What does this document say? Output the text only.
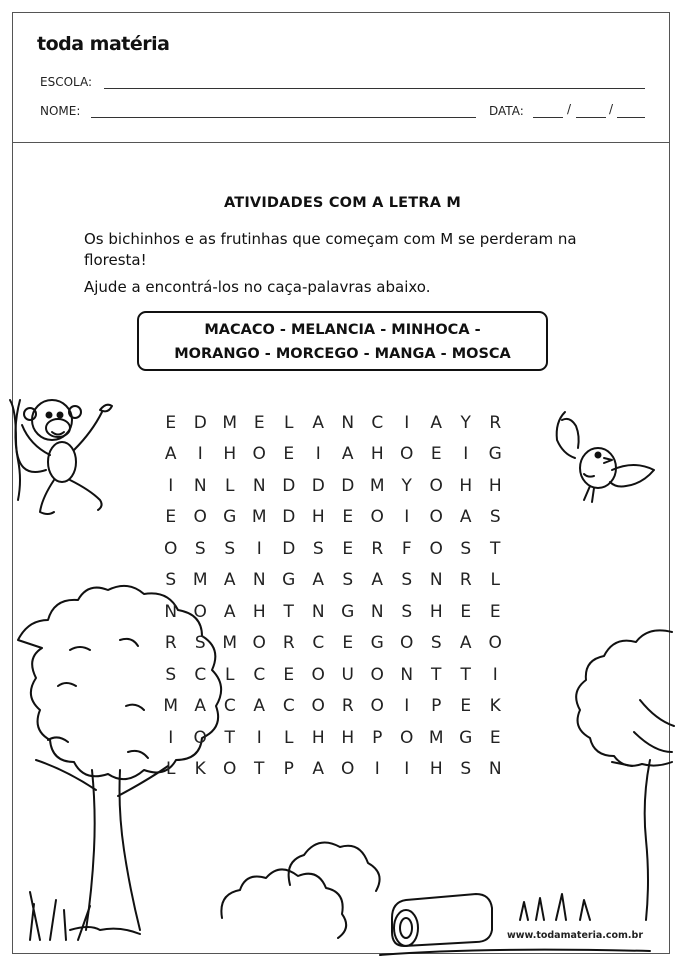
toda matéria
ESCOLA:
NOME:	DATA:	/	/
ATIVIDADES COM A LETRA M
Os bichinhos e as frutinhas que começam com M se perderam na floresta!
Ajude a encontrá-los no caça-palavras abaixo.
MACACO - MELANCIA - MINHOCA -
MORANGO - MORCEGO - MANGA - MOSCA
E	D M E	L	A	N	C	I	A	Y	R
A	I	H O	E	I	A	H O	E	I	G
I	N	L	N D D D M Y	O H H
E	O G M D H	E	O	I	O A	S
O	S	S	I	D	S	E	R	F	O	S	T
S M A	N G	A	S	A	S	N	R	L
N O A	H	T	N G N	S	H	E	E
R	S M O R	C	E	G O	S	A O
S	C	L	C	E	O U O N	T	T	I
M A	C	A	C O R O	I	P	E	K
I	O	T	I	L	H H	P	O M G	E
L	K	O	T	P	A O	I	I	H	S	N
www.todamateria.com.br
